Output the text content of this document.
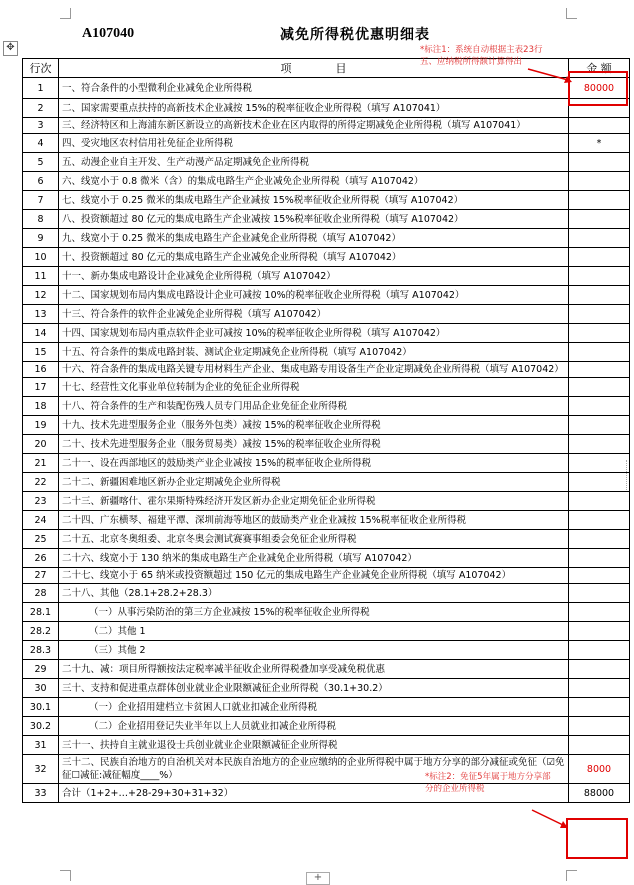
✥
A107040	减免所得税优惠明细表
行次	项　　　　目	金 额
1	一、符合条件的小型微利企业减免企业所得税	80000
2	二、国家需要重点扶持的高新技术企业减按 15%的税率征收企业所得税（填写 A107041）	
3	三、经济特区和上海浦东新区新设立的高新技术企业在区内取得的所得定期减免企业所得税（填写 A107041）	
4	四、受灾地区农村信用社免征企业所得税	*
5	五、动漫企业自主开发、生产动漫产品定期减免企业所得税	
6	六、线宽小于 0.8 微米（含）的集成电路生产企业减免企业所得税（填写 A107042）	
7	七、线宽小于 0.25 微米的集成电路生产企业减按 15%税率征收企业所得税（填写 A107042）	
8	八、投资额超过 80 亿元的集成电路生产企业减按 15%税率征收企业所得税（填写 A107042）	
9	九、线宽小于 0.25 微米的集成电路生产企业减免企业所得税（填写 A107042）	
10	十、投资额超过 80 亿元的集成电路生产企业减免企业所得税（填写 A107042）	
11	十一、新办集成电路设计企业减免企业所得税（填写 A107042）	
12	十二、国家规划布局内集成电路设计企业可减按 10%的税率征收企业所得税（填写 A107042）	
13	十三、符合条件的软件企业减免企业所得税（填写 A107042）	
14	十四、国家规划布局内重点软件企业可减按 10%的税率征收企业所得税（填写 A107042）	
15	十五、符合条件的集成电路封装、测试企业定期减免企业所得税（填写 A107042）	
16	十六、符合条件的集成电路关键专用材料生产企业、集成电路专用设备生产企业定期减免企业所得税（填写 A107042）	
17	十七、经营性文化事业单位转制为企业的免征企业所得税	
18	十八、符合条件的生产和装配伤残人员专门用品企业免征企业所得税	
19	十九、技术先进型服务企业（服务外包类）减按 15%的税率征收企业所得税	
20	二十、技术先进型服务企业（服务贸易类）减按 15%的税率征收企业所得税	
21	二十一、设在西部地区的鼓励类产业企业减按 15%的税率征收企业所得税	
22	二十二、新疆困难地区新办企业定期减免企业所得税	
23	二十三、新疆喀什、霍尔果斯特殊经济开发区新办企业定期免征企业所得税	
24	二十四、广东横琴、福建平潭、深圳前海等地区的鼓励类产业企业减按 15%税率征收企业所得税	
25	二十五、北京冬奥组委、北京冬奥会测试赛赛事组委会免征企业所得税	
26	二十六、线宽小于 130 纳米的集成电路生产企业减免企业所得税（填写 A107042）	
27	二十七、线宽小于 65 纳米或投资额超过 150 亿元的集成电路生产企业减免企业所得税（填写 A107042）	
28	二十八、其他（28.1+28.2+28.3）	
28.1	（一）从事污染防治的第三方企业减按 15%的税率征收企业所得税	
28.2	（二）其他 1	
28.3	（三）其他 2	
29	二十九、减：项目所得额按法定税率减半征收企业所得税叠加享受减免税优惠	
30	三十、支持和促进重点群体创业就业企业限额减征企业所得税（30.1+30.2）	
30.1	（一）企业招用建档立卡贫困人口就业扣减企业所得税	
30.2	（二）企业招用登记失业半年以上人员就业扣减企业所得税	
31	三十一、扶持自主就业退役士兵创业就业企业限额减征企业所得税	
32	三十二、民族自治地方的自治机关对本民族自治地方的企业应缴纳的企业所得税中属于地方分享的部分减征或免征（☑免征☐减征:减征幅度____%）	8000
33	合计（1+2+…+28-29+30+31+32）	88000
*标注1：系统自动根据主表23行五、应纳税所得额计算得出
*标注2：免征5年属于地方分享部分的企业所得税
+
